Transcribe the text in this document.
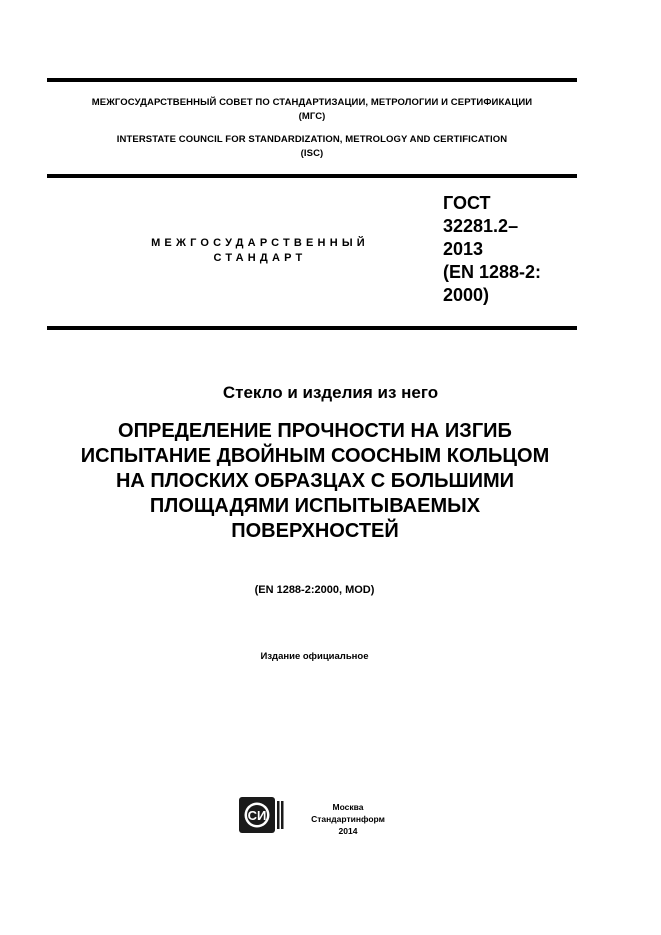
МЕЖГОСУДАРСТВЕННЫЙ СОВЕТ ПО СТАНДАРТИЗАЦИИ, МЕТРОЛОГИИ И СЕРТИФИКАЦИИ
(МГС)
INTERSTATE COUNCIL FOR STANDARDIZATION, METROLOGY AND CERTIFICATION
(ISC)
МЕЖГОСУДАРСТВЕННЫЙ
СТАНДАРТ
ГОСТ
32281.2–
2013
(EN 1288-2:
2000)
Стекло и изделия из него
ОПРЕДЕЛЕНИЕ ПРОЧНОСТИ НА ИЗГИБ
ИСПЫТАНИЕ ДВОЙНЫМ СООСНЫМ КОЛЬЦОМ
НА ПЛОСКИХ ОБРАЗЦАХ С БОЛЬШИМИ
ПЛОЩАДЯМИ ИСПЫТЫВАЕМЫХ
ПОВЕРХНОСТЕЙ
(EN 1288-2:2000, MOD)
Издание официальное
СИ
Москва
Стандартинформ
2014
